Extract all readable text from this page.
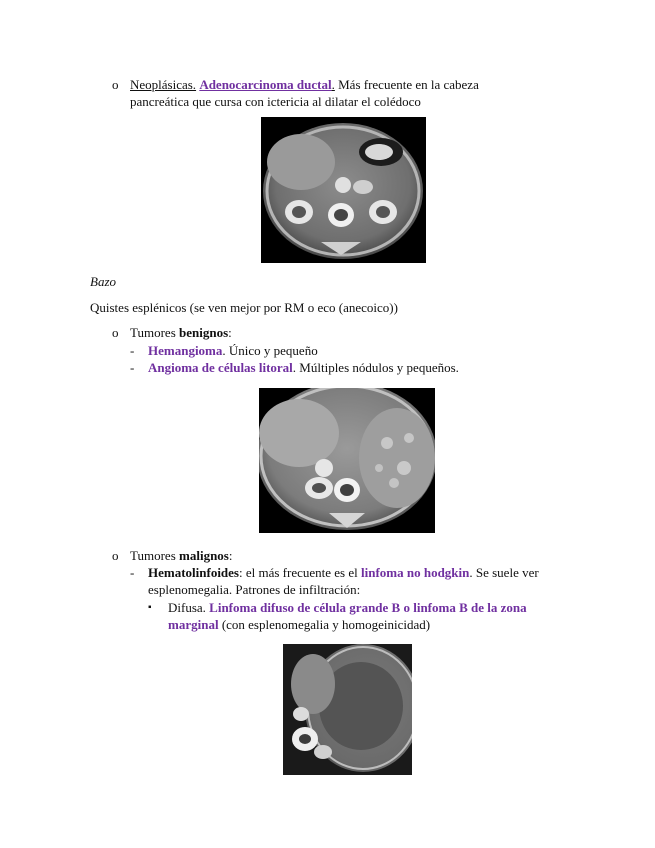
o Neoplásicas. Adenocarcinoma ductal. Más frecuente en la cabeza
pancreática que cursa con ictericia al dilatar el colédoco
Bazo
Quistes esplénicos (se ven mejor por RM o eco (anecoico))
o Tumores benignos:
- Hemangioma. Único y pequeño
- Angioma de células litoral. Múltiples nódulos y pequeños.
o Tumores malignos:
- Hematolinfoides: el más frecuente es el linfoma no hodgkin. Se suele ver
esplenomegalia. Patrones de infiltración:
▪ Difusa. Linfoma difuso de célula grande B o linfoma B de la zona
marginal (con esplenomegalia y homogeinicidad)
